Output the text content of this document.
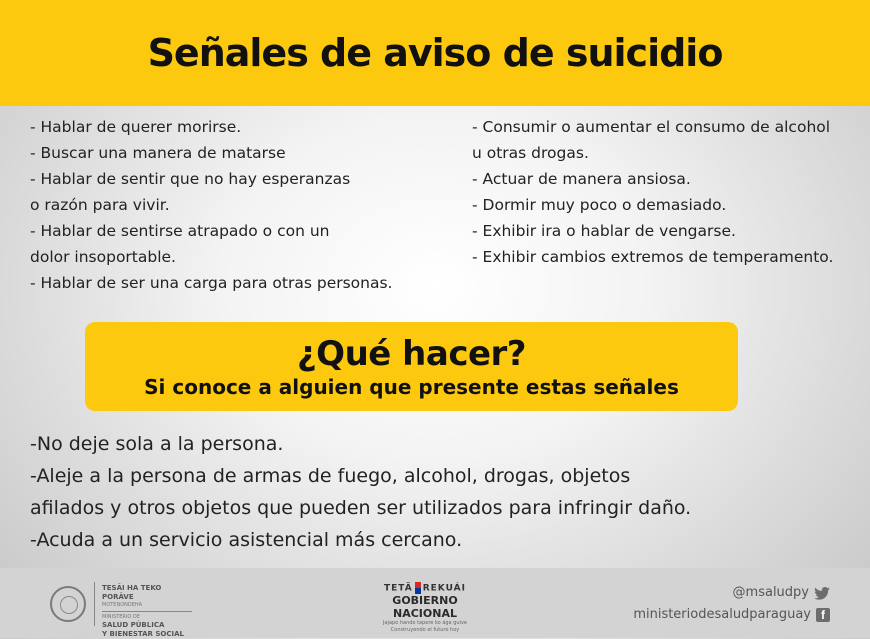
Señales de aviso de suicidio
- Hablar de querer morirse.
- Buscar una manera de matarse
- Hablar de sentir que no hay esperanzas
o razón para vivir.
- Hablar de sentirse atrapado o con un
dolor insoportable.
- Hablar de ser una carga para otras personas.
- Consumir o aumentar el consumo de alcohol
u otras drogas.
- Actuar de manera ansiosa.
- Dormir muy poco o demasiado.
- Exhibir ira o hablar de vengarse.
- Exhibir cambios extremos de temperamento.
¿Qué hacer?
Si conoce a alguien que presente estas señales
-No deje sola a la persona.
-Aleje a la persona de armas de fuego, alcohol, drogas, objetos
afilados y otros objetos que pueden ser utilizados para infringir daño.
-Acuda a un servicio asistencial más cercano.
TESÃI HA TEKO
PORÃVE
MOTENONDEHA
MINISTERIO DE
SALUD PÚBLICA
Y BIENESTAR SOCIAL
TETÃ REKUÁI
GOBIERNO NACIONAL
Jajapo hande tapere ko ága guive
Construyendo el futuro hoy
@msaludpy
ministeriodesaludparaguay f
